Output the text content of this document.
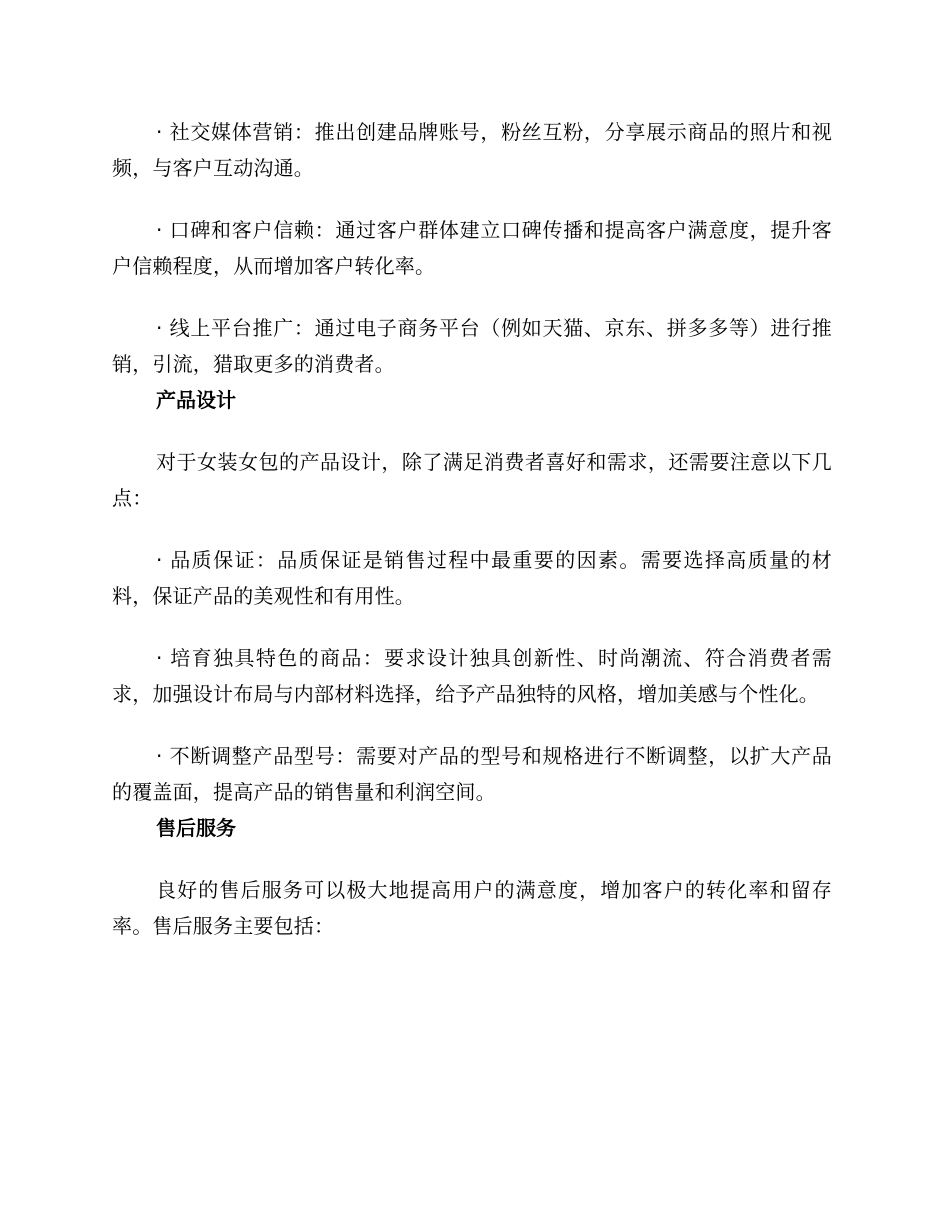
· 社交媒体营销：推出创建品牌账号，粉丝互粉，分享展示商品的照片和视频，与客户互动沟通。

· 口碑和客户信赖：通过客户群体建立口碑传播和提高客户满意度，提升客户信赖程度，从而增加客户转化率。

· 线上平台推广：通过电子商务平台（例如天猫、京东、拼多多等）进行推销，引流，猎取更多的消费者。

产品设计

对于女装女包的产品设计，除了满足消费者喜好和需求，还需要注意以下几点：

· 品质保证：品质保证是销售过程中最重要的因素。需要选择高质量的材料，保证产品的美观性和有用性。

· 培育独具特色的商品：要求设计独具创新性、时尚潮流、符合消费者需求，加强设计布局与内部材料选择，给予产品独特的风格，增加美感与个性化。

· 不断调整产品型号：需要对产品的型号和规格进行不断调整，以扩大产品的覆盖面，提高产品的销售量和利润空间。

售后服务

良好的售后服务可以极大地提高用户的满意度，增加客户的转化率和留存率。售后服务主要包括：
